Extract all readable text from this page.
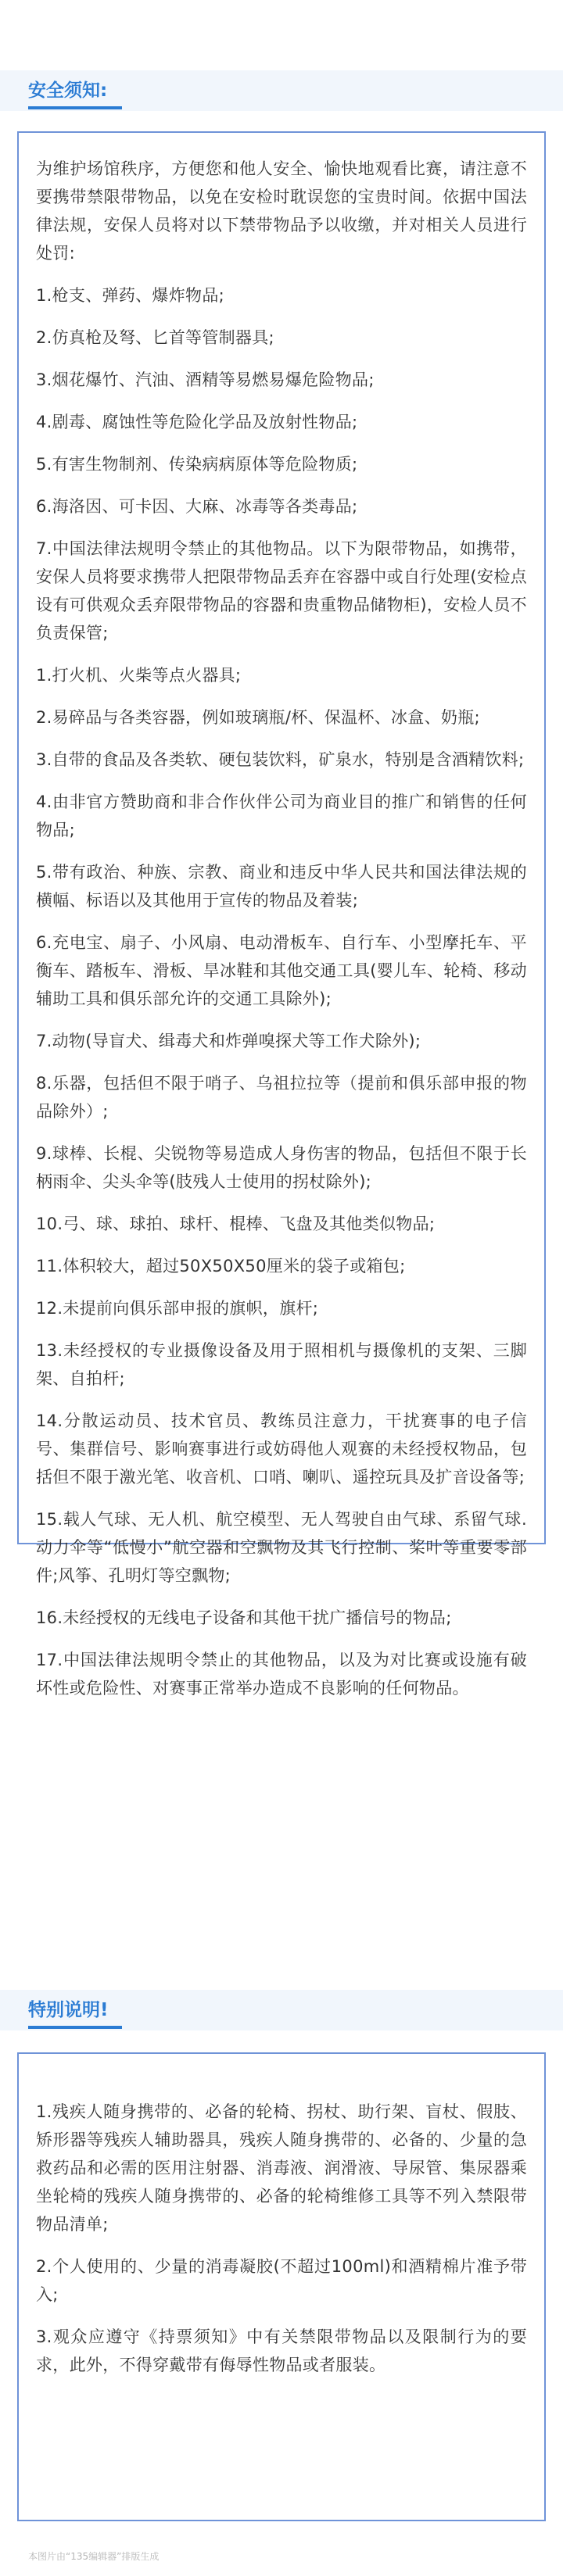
安全须知:

为维护场馆秩序，方便您和他人安全、愉快地观看比赛，请注意不要携带禁限带物品，以免在安检时耽误您的宝贵时间。依据中国法律法规，安保人员将对以下禁带物品予以收缴，并对相关人员进行处罚:

1.枪支、弹药、爆炸物品;

2.仿真枪及弩、匕首等管制器具;

3.烟花爆竹、汽油、酒精等易燃易爆危险物品;

4.剧毒、腐蚀性等危险化学品及放射性物品;

5.有害生物制剂、传染病病原体等危险物质;

6.海洛因、可卡因、大麻、冰毒等各类毒品;

7.中国法律法规明令禁止的其他物品。以下为限带物品，如携带，安保人员将要求携带人把限带物品丢弃在容器中或自行处理(安检点设有可供观众丢弃限带物品的容器和贵重物品储物柜)，安检人员不负责保管;

1.打火机、火柴等点火器具;

2.易碎品与各类容器，例如玻璃瓶/杯、保温杯、冰盒、奶瓶;

3.自带的食品及各类软、硬包装饮料，矿泉水，特别是含酒精饮料;

4.由非官方赞助商和非合作伙伴公司为商业目的推广和销售的任何物品;

5.带有政治、种族、宗教、商业和违反中华人民共和国法律法规的横幅、标语以及其他用于宣传的物品及着装;

6.充电宝、扇子、小风扇、电动滑板车、自行车、小型摩托车、平衡车、踏板车、滑板、旱冰鞋和其他交通工具(婴儿车、轮椅、移动辅助工具和俱乐部允许的交通工具除外);

7.动物(导盲犬、缉毒犬和炸弹嗅探犬等工作犬除外);

8.乐器，包括但不限于哨子、乌祖拉拉等（提前和俱乐部申报的物品除外）;

9.球棒、长棍、尖锐物等易造成人身伤害的物品，包括但不限于长柄雨伞、尖头伞等(肢残人士使用的拐杖除外);

10.弓、球、球拍、球杆、棍棒、飞盘及其他类似物品;

11.体积较大，超过50X50X50厘米的袋子或箱包;

12.未提前向俱乐部申报的旗帜，旗杆;

13.未经授权的专业摄像设备及用于照相机与摄像机的支架、三脚架、自拍杆;

14.分散运动员、技术官员、教练员注意力，干扰赛事的电子信号、集群信号、影响赛事进行或妨碍他人观赛的未经授权物品，包括但不限于激光笔、收音机、口哨、喇叭、遥控玩具及扩音设备等;

15.载人气球、无人机、航空模型、无人驾驶自由气球、系留气球.动力伞等“低慢小”航空器和空飘物及其飞行控制、桨叶等重要零部件;风筝、孔明灯等空飘物;

16.未经授权的无线电子设备和其他干扰广播信号的物品;

17.中国法律法规明令禁止的其他物品，以及为对比赛或设施有破坏性或危险性、对赛事正常举办造成不良影响的任何物品。

特别说明!

1.残疾人随身携带的、必备的轮椅、拐杖、助行架、盲杖、假肢、矫形器等残疾人辅助器具，残疾人随身携带的、必备的、少量的急救药品和必需的医用注射器、消毒液、润滑液、导尿管、集尿器乘坐轮椅的残疾人随身携带的、必备的轮椅维修工具等不列入禁限带物品清单;

2.个人使用的、少量的消毒凝胶(不超过100ml)和酒精棉片准予带入;

3.观众应遵守《持票须知》中有关禁限带物品以及限制行为的要求，此外，不得穿戴带有侮辱性物品或者服装。

本图片由“135编辑器”排版生成
